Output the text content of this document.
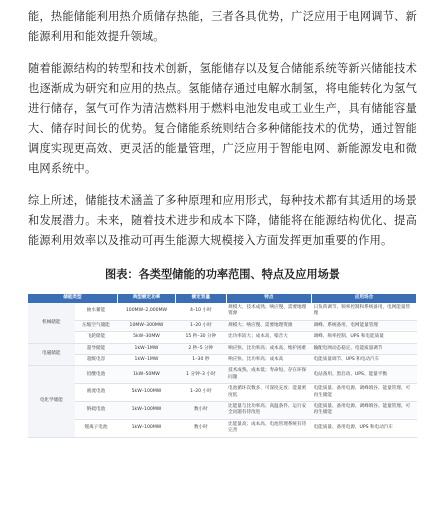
能，热能储能利用热介质储存热能，三者各具优势，广泛应用于电网调节、新能源利用和能效提升领域。

随着能源结构的转型和技术创新，氢能储存以及复合储能系统等新兴储能技术也逐渐成为研究和应用的热点。氢能储存通过电解水制氢，将电能转化为氢气进行储存，氢气可作为清洁燃料用于燃料电池发电或工业生产，具有储能容量大、储存时间长的优势。复合储能系统则结合多种储能技术的优势，通过智能调度实现更高效、更灵活的能量管理，广泛应用于智能电网、新能源发电和微电网系统中。

综上所述，储能技术涵盖了多种原理和应用形式，每种技术都有其适用的场景和发展潜力。未来，随着技术进步和成本下降，储能将在能源结构优化、提高能源利用效率以及推动可再生能源大规模接入方面发挥更加重要的作用。

图表：各类型储能的功率范围、特点及应用场景

储能类型		典型额定功率	额定容量	特点	应用场合
机械储能	抽水蓄能	100MW–2,000MW	4–10 小时	规模大、技术成熟；响应慢、需要地理资源	日负荷调节、频率控制和系统备用，电网能量管理
	压缩空气储能	10MW–300MW	1–20 小时	规模大；响应慢、需要地理资源	调峰、系统备用，电网能量管理
	飞轮储能	5kW–30MW	15 秒–30 分钟	比功率较大；成本高、噪音大	调峰、频率控制、UPS 和电能质量
电磁储能	超导储能	1kW–1MW	2 秒–5 分钟	响应快、比功率高；成本高、维护困难	输配电网动态稳定、电能质量调节
	超级电容	1kW–1MW	1–30 秒	响应快、比功率高；成本高	电能质量调节、UPS 和电动汽车
电化学储能	铅酸电池	1kW–50MW	1 分钟–3 小时	技术成熟、成本低；寿命短、存在环保问题	电站备用、黑启动、UPS、能量平衡
	液流电池	5kW–100MW	1–20 小时	电池循环次数多、可深度充放；能量密度低	电能质量、备用电源、调峰填谷、能量管理、可再生储能
	钠硫电池	1kW–100MW	数小时	比能量与比功率高；高温条件、运行安全问题有待改进	电能质量、备用电源、调峰填谷、能量管理、可再生储能
	锂离子电池	1kW–100MW	数小时	比能量高；成本高、电池管理系统有待完善	电能质量、备用电源、UPS 和电动汽车
